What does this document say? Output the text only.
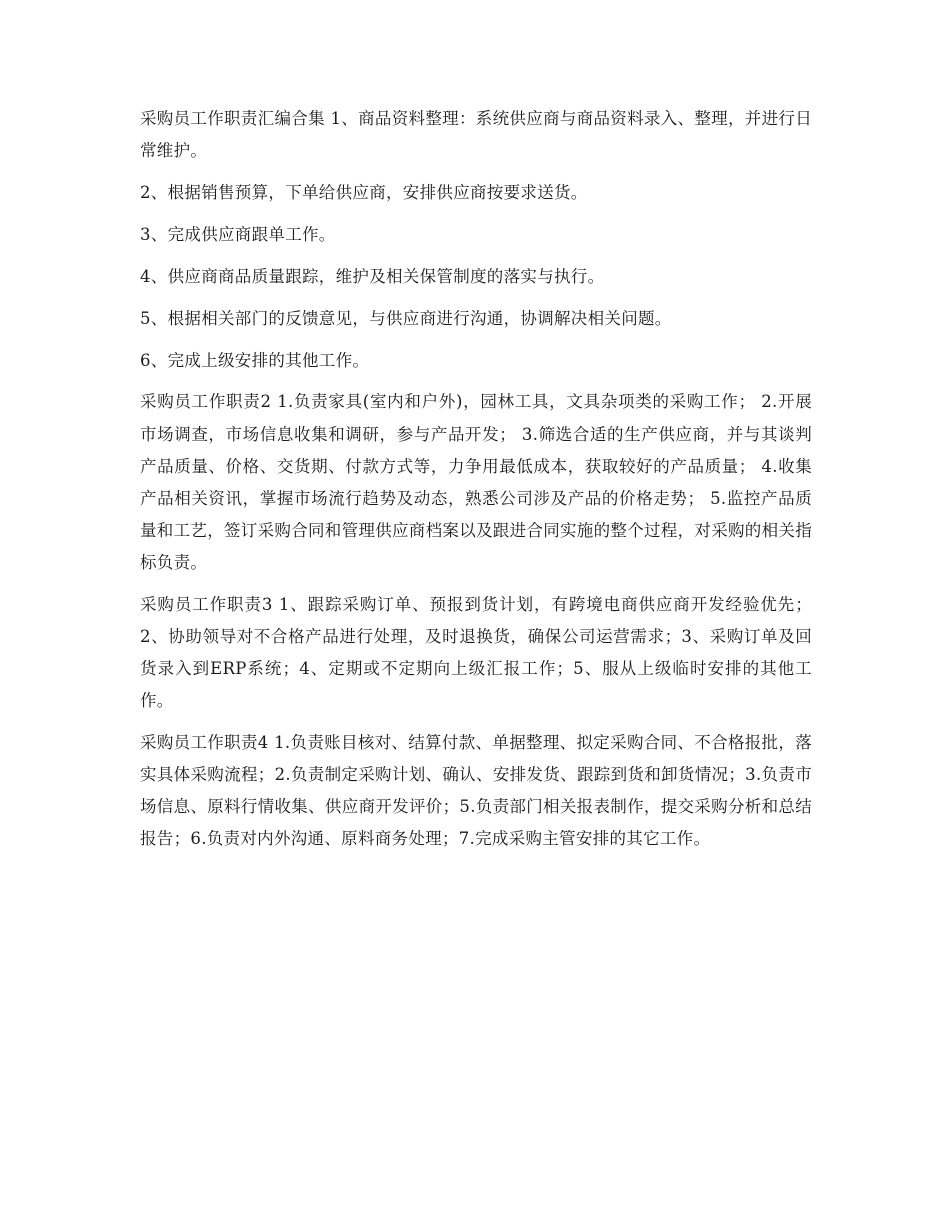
采购员工作职责汇编合集 1、商品资料整理：系统供应商与商品资料录入、整理，并进行日常维护。

2、根据销售预算，下单给供应商，安排供应商按要求送货。

3、完成供应商跟单工作。

4、供应商商品质量跟踪，维护及相关保管制度的落实与执行。

5、根据相关部门的反馈意见，与供应商进行沟通，协调解决相关问题。

6、完成上级安排的其他工作。

采购员工作职责2 1.负责家具(室内和户外)，园林工具，文具杂项类的采购工作； 2.开展市场调查，市场信息收集和调研，参与产品开发； 3.筛选合适的生产供应商，并与其谈判产品质量、价格、交货期、付款方式等，力争用最低成本，获取较好的产品质量； 4.收集产品相关资讯，掌握市场流行趋势及动态，熟悉公司涉及产品的价格走势； 5.监控产品质量和工艺，签订采购合同和管理供应商档案以及跟进合同实施的整个过程，对采购的相关指标负责。

采购员工作职责3 1、跟踪采购订单、预报到货计划，有跨境电商供应商开发经验优先；2、协助领导对不合格产品进行处理，及时退换货，确保公司运营需求；3、采购订单及回货录入到ERP系统；4、定期或不定期向上级汇报工作；5、服从上级临时安排的其他工作。

采购员工作职责4 1.负责账目核对、结算付款、单据整理、拟定采购合同、不合格报批，落实具体采购流程；2.负责制定采购计划、确认、安排发货、跟踪到货和卸货情况；3.负责市场信息、原料行情收集、供应商开发评价；5.负责部门相关报表制作，提交采购分析和总结报告；6.负责对内外沟通、原料商务处理；7.完成采购主管安排的其它工作。
